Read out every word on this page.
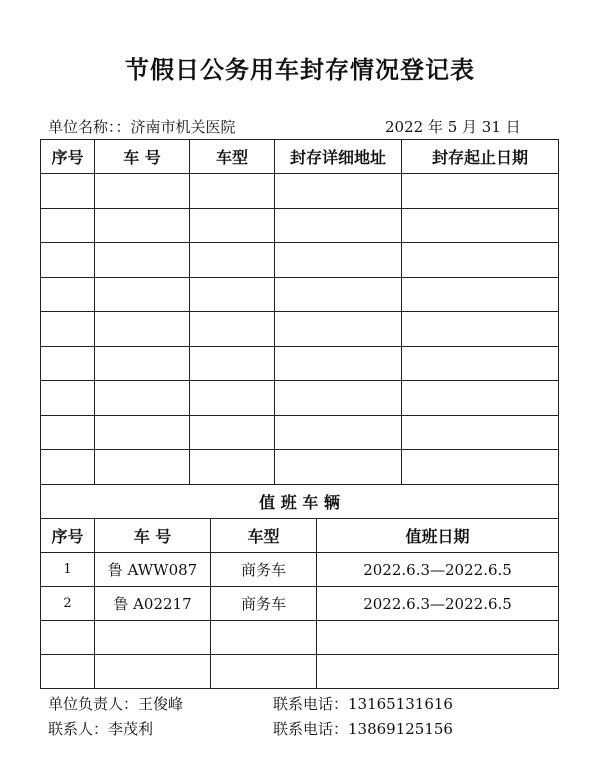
节假日公务用车封存情况登记表
单位名称：：济南市机关医院	2022 年 5 月 31 日
序号	车 号	车型	封存详细地址	封存起止日期

值 班 车 辆			
序号	车 号	车型	值班日期
1	鲁 AWW087	商务车	2022.6.3—2022.6.5
2	鲁 A02217	商务车	2022.6.3—2022.6.5

单位负责人：王俊峰	联系电话：13165131616
联系人：李茂利	联系电话：13869125156
